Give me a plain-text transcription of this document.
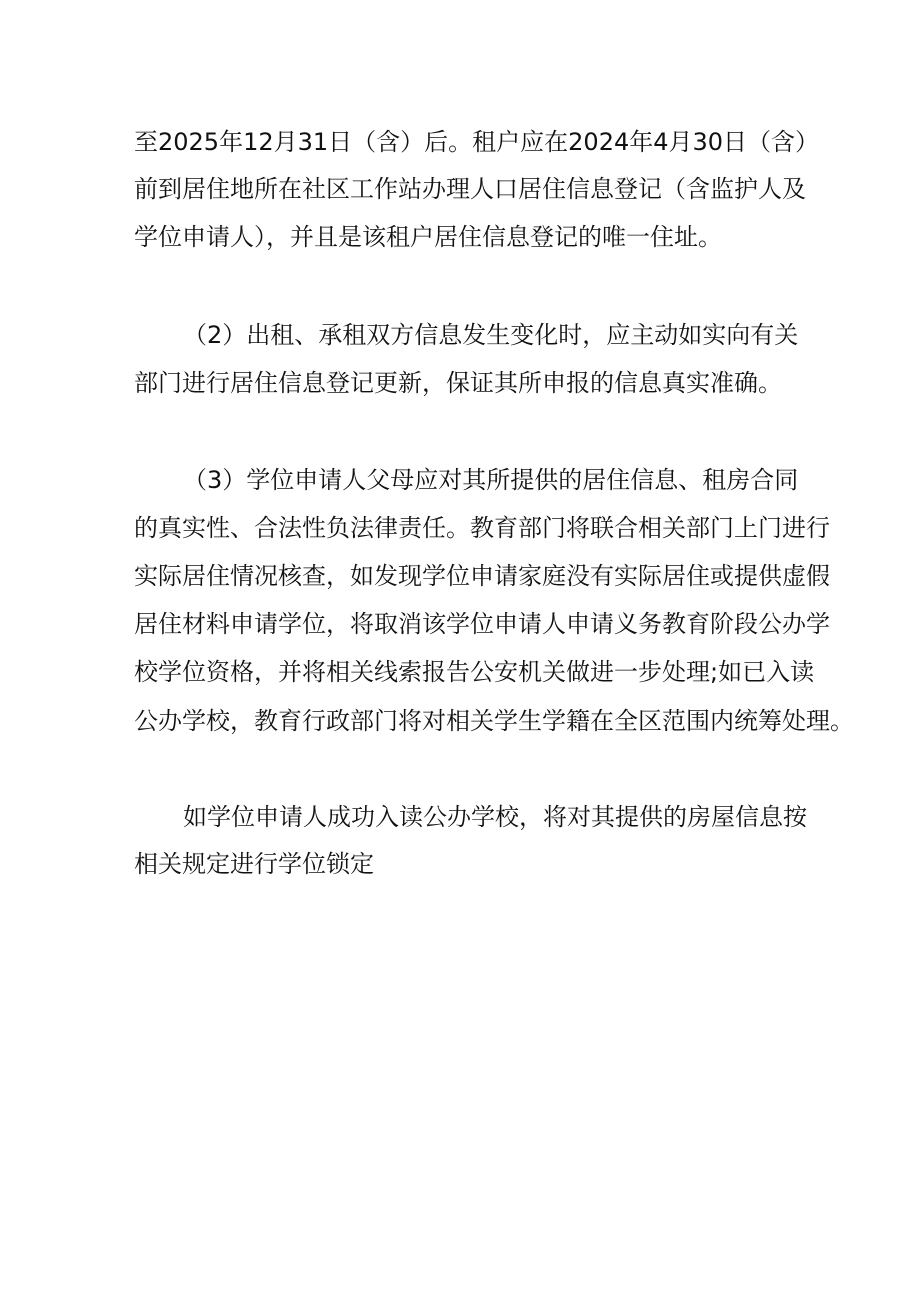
至2025年12月31日（含）后。租户应在2024年4月30日（含）
前到居住地所在社区工作站办理人口居住信息登记（含监护人及
学位申请人），并且是该租户居住信息登记的唯一住址。
（2）出租、承租双方信息发生变化时，应主动如实向有关
部门进行居住信息登记更新，保证其所申报的信息真实准确。
（3）学位申请人父母应对其所提供的居住信息、租房合同
的真实性、合法性负法律责任。教育部门将联合相关部门上门进行
实际居住情况核查，如发现学位申请家庭没有实际居住或提供虚假
居住材料申请学位，将取消该学位申请人申请义务教育阶段公办学
校学位资格，并将相关线索报告公安机关做进一步处理;如已入读
公办学校，教育行政部门将对相关学生学籍在全区范围内统筹处理。
如学位申请人成功入读公办学校，将对其提供的房屋信息按
相关规定进行学位锁定
